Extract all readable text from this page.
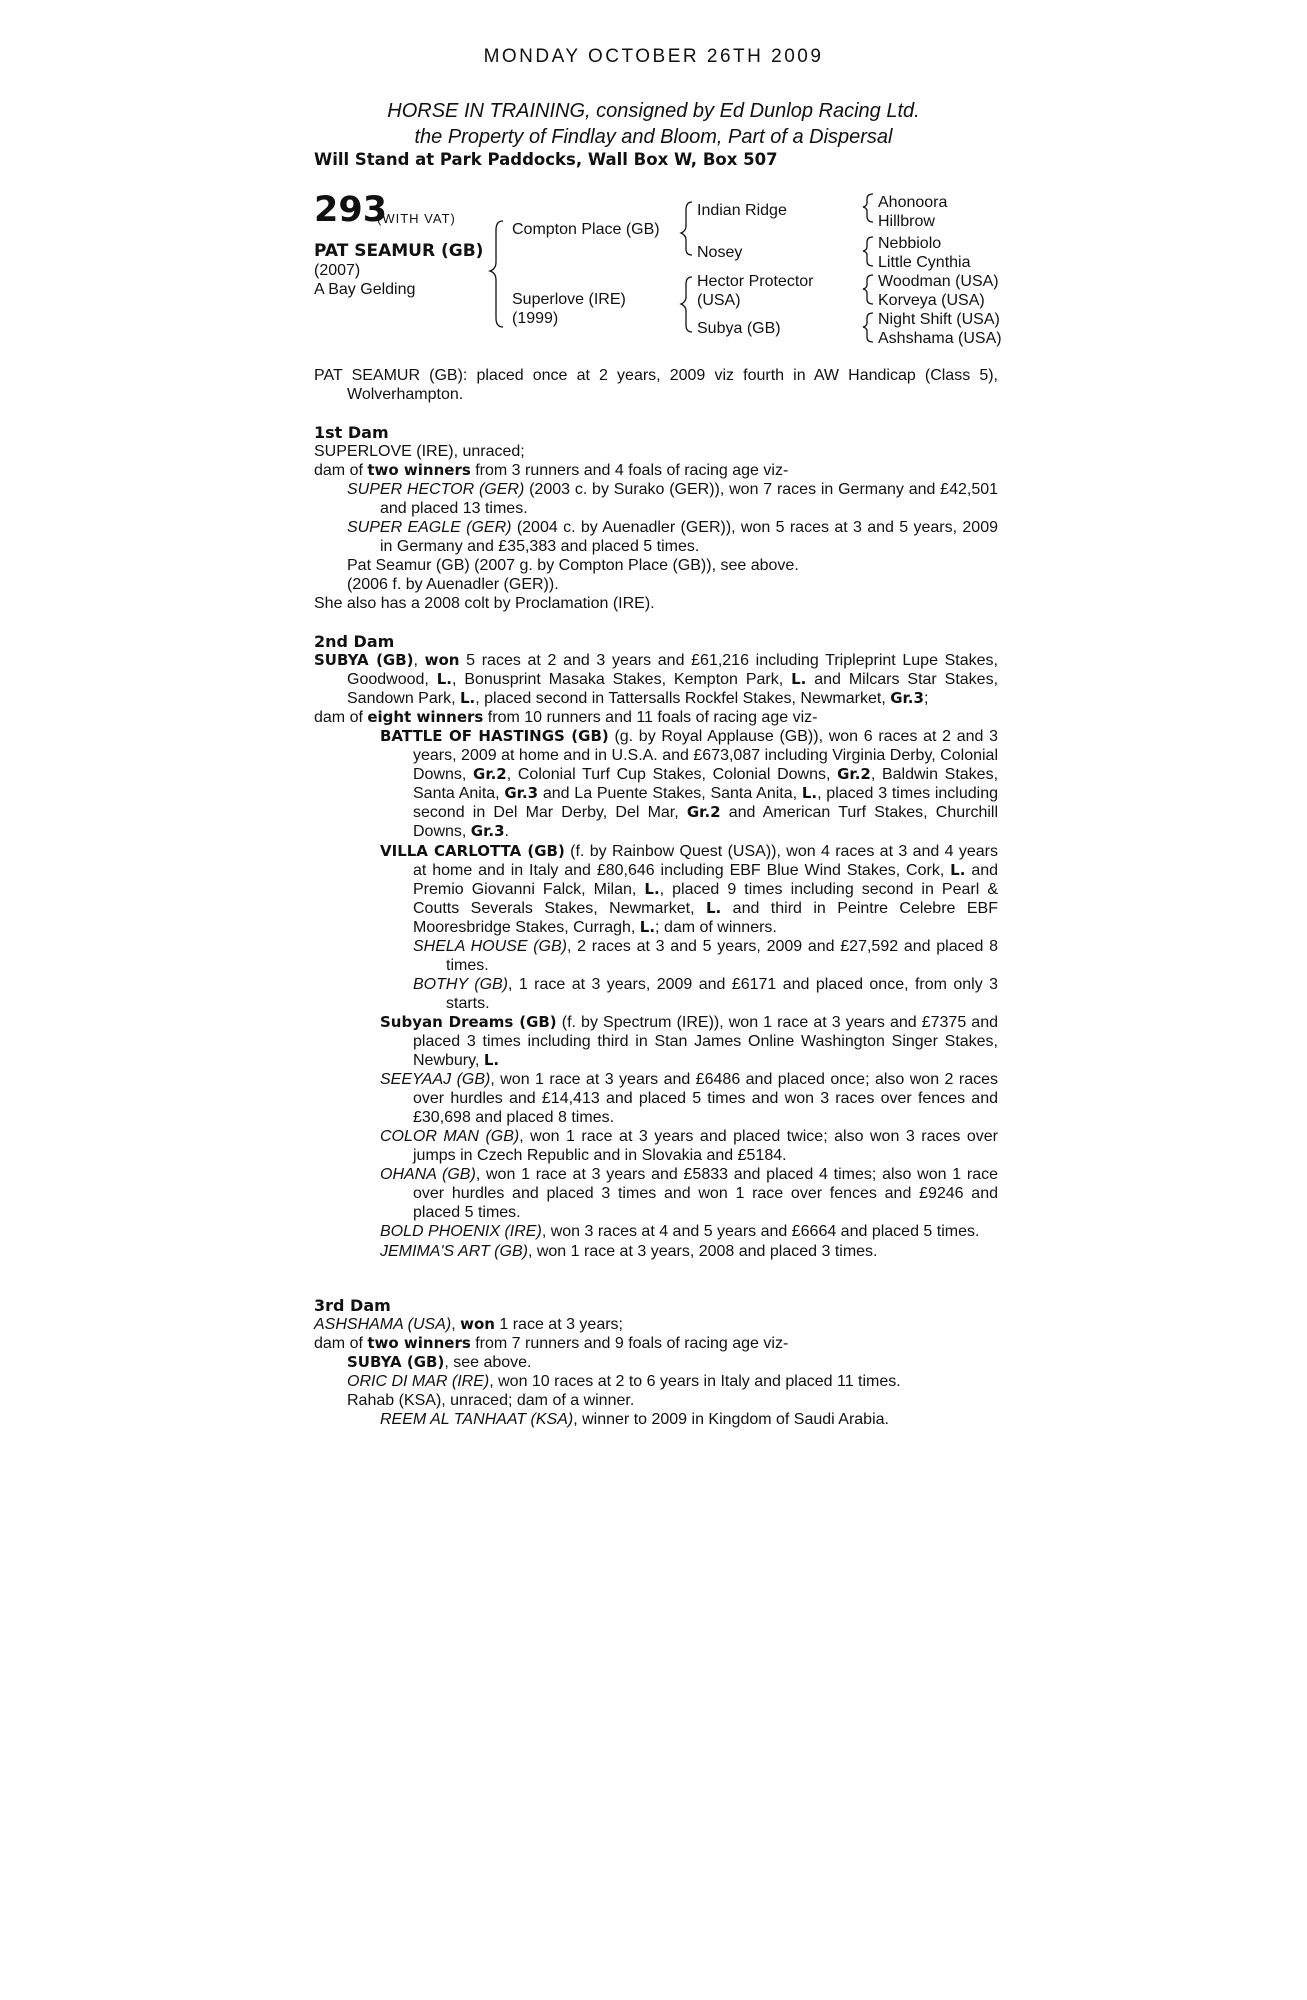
MONDAY OCTOBER 26TH 2009
HORSE IN TRAINING, consigned by Ed Dunlop Racing Ltd.
the Property of Findlay and Bloom, Part of a Dispersal
Will Stand at Park Paddocks, Wall Box W, Box 507
293
(WITH VAT)
PAT SEAMUR (GB)
(2007)
A Bay Gelding
Compton Place (GB)
Superlove (IRE)
(1999)
Indian Ridge
Nosey
Hector Protector
(USA)
Subya (GB)
Ahonoora
Hillbrow
Nebbiolo
Little Cynthia
Woodman (USA)
Korveya (USA)
Night Shift (USA)
Ashshama (USA)

PAT SEAMUR (GB): placed once at 2 years, 2009 viz fourth in AW Handicap (Class 5), Wolverhampton.

1st Dam

SUPERLOVE (IRE), unraced;

dam of two winners from 3 runners and 4 foals of racing age viz-

SUPER HECTOR (GER) (2003 c. by Surako (GER)), won 7 races in Germany and £42,501 and placed 13 times.

SUPER EAGLE (GER) (2004 c. by Auenadler (GER)), won 5 races at 3 and 5 years, 2009 in Germany and £35,383 and placed 5 times.

Pat Seamur (GB) (2007 g. by Compton Place (GB)), see above.

(2006 f. by Auenadler (GER)).

She also has a 2008 colt by Proclamation (IRE).

2nd Dam

SUBYA (GB), won 5 races at 2 and 3 years and £61,216 including Tripleprint Lupe Stakes, Goodwood, L., Bonusprint Masaka Stakes, Kempton Park, L. and Milcars Star Stakes, Sandown Park, L., placed second in Tattersalls Rockfel Stakes, Newmarket, Gr.3;

dam of eight winners from 10 runners and 11 foals of racing age viz-

BATTLE OF HASTINGS (GB) (g. by Royal Applause (GB)), won 6 races at 2 and 3 years, 2009 at home and in U.S.A. and £673,087 including Virginia Derby, Colonial Downs, Gr.2, Colonial Turf Cup Stakes, Colonial Downs, Gr.2, Baldwin Stakes, Santa Anita, Gr.3 and La Puente Stakes, Santa Anita, L., placed 3 times including second in Del Mar Derby, Del Mar, Gr.2 and American Turf Stakes, Churchill Downs, Gr.3.

VILLA CARLOTTA (GB) (f. by Rainbow Quest (USA)), won 4 races at 3 and 4 years at home and in Italy and £80,646 including EBF Blue Wind Stakes, Cork, L. and Premio Giovanni Falck, Milan, L., placed 9 times including second in Pearl & Coutts Severals Stakes, Newmarket, L. and third in Peintre Celebre EBF Mooresbridge Stakes, Curragh, L.; dam of winners.

SHELA HOUSE (GB), 2 races at 3 and 5 years, 2009 and £27,592 and placed 8 times.

BOTHY (GB), 1 race at 3 years, 2009 and £6171 and placed once, from only 3 starts.

Subyan Dreams (GB) (f. by Spectrum (IRE)), won 1 race at 3 years and £7375 and placed 3 times including third in Stan James Online Washington Singer Stakes, Newbury, L.

SEEYAAJ (GB), won 1 race at 3 years and £6486 and placed once; also won 2 races over hurdles and £14,413 and placed 5 times and won 3 races over fences and £30,698 and placed 8 times.

COLOR MAN (GB), won 1 race at 3 years and placed twice; also won 3 races over jumps in Czech Republic and in Slovakia and £5184.

OHANA (GB), won 1 race at 3 years and £5833 and placed 4 times; also won 1 race over hurdles and placed 3 times and won 1 race over fences and £9246 and placed 5 times.

BOLD PHOENIX (IRE), won 3 races at 4 and 5 years and £6664 and placed 5 times.

JEMIMA'S ART (GB), won 1 race at 3 years, 2008 and placed 3 times.

3rd Dam

ASHSHAMA (USA), won 1 race at 3 years;

dam of two winners from 7 runners and 9 foals of racing age viz-

SUBYA (GB), see above.

ORIC DI MAR (IRE), won 10 races at 2 to 6 years in Italy and placed 11 times.

Rahab (KSA), unraced; dam of a winner.

REEM AL TANHAAT (KSA), winner to 2009 in Kingdom of Saudi Arabia.
